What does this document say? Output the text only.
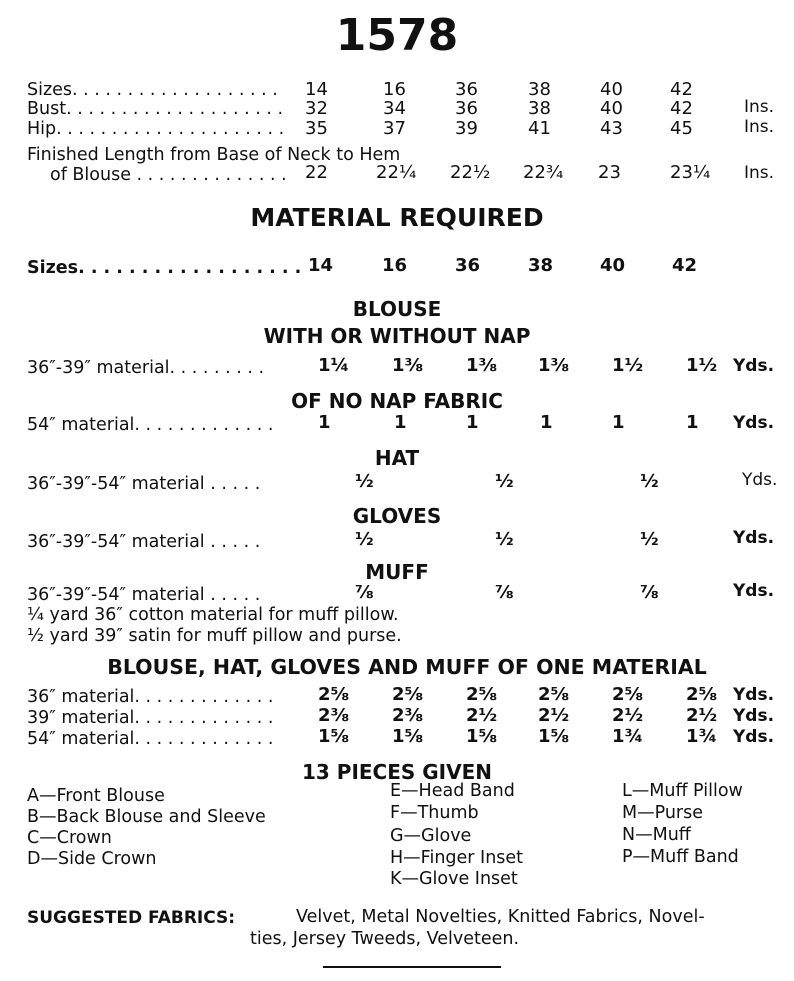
1578
Sizes. . . . . . . . . . . . . . . . . . . 14	16	36	38	40	42
Bust. . . . . . . . . . . . . . . . . . . . 32	34	36	38	40	42	Ins.
Hip. . . . . . . . . . . . . . . . . . . . . 35	37	39	41	43	45	Ins.
Finished Length from Base of Neck to Hem
of Blouse . . . . . . . . . . . . . . 22	22¼ 22½ 22¾ 23	23¼ Ins.
MATERIAL REQUIRED
Sizes. . . . . . . . . . . . . . . . . . 14	16	36	38	40	42
BLOUSE
WITH OR WITHOUT NAP
36″-39″ material. . . . . . . . .	1¼ 1⅜ 1⅜ 1⅜ 1½ 1½ Yds.
OF NO NAP FABRIC
54″ material. . . . . . . . . . . . . 1	1	1	1	1	1 Yds.
HAT
36″-39″-54″ material . . . . .	½	½	½	Yds.
GLOVES
36″-39″-54″ material . . . . .	½	½	½	Yds.
MUFF
36″-39″-54″ material . . . . .	⅞	⅞	⅞	Yds.
¼ yard 36″ cotton material for muff pillow.
½ yard 39″ satin for muff pillow and purse.
BLOUSE, HAT, GLOVES AND MUFF OF ONE MATERIAL
36″ material. . . . . . . . . . . . . 2⅝ 2⅝ 2⅝ 2⅝ 2⅝ 2⅝ Yds.
39″ material. . . . . . . . . . . . . 2⅜ 2⅜ 2½ 2½ 2½ 2½ Yds.
54″ material. . . . . . . . . . . . . 1⅝ 1⅝ 1⅝ 1⅝ 1¾ 1¾ Yds.
13 PIECES GIVEN
A—Front Blouse
B—Back Blouse and Sleeve
C—Crown
D—Side Crown
E—Head Band
F—Thumb
G—Glove
H—Finger Inset
K—Glove Inset
L—Muff Pillow
M—Purse
N—Muff
P—Muff Band
SUGGESTED FABRICS:	Velvet, Metal Novelties, Knitted Fabrics, Novel-
ties, Jersey Tweeds, Velveteen.
